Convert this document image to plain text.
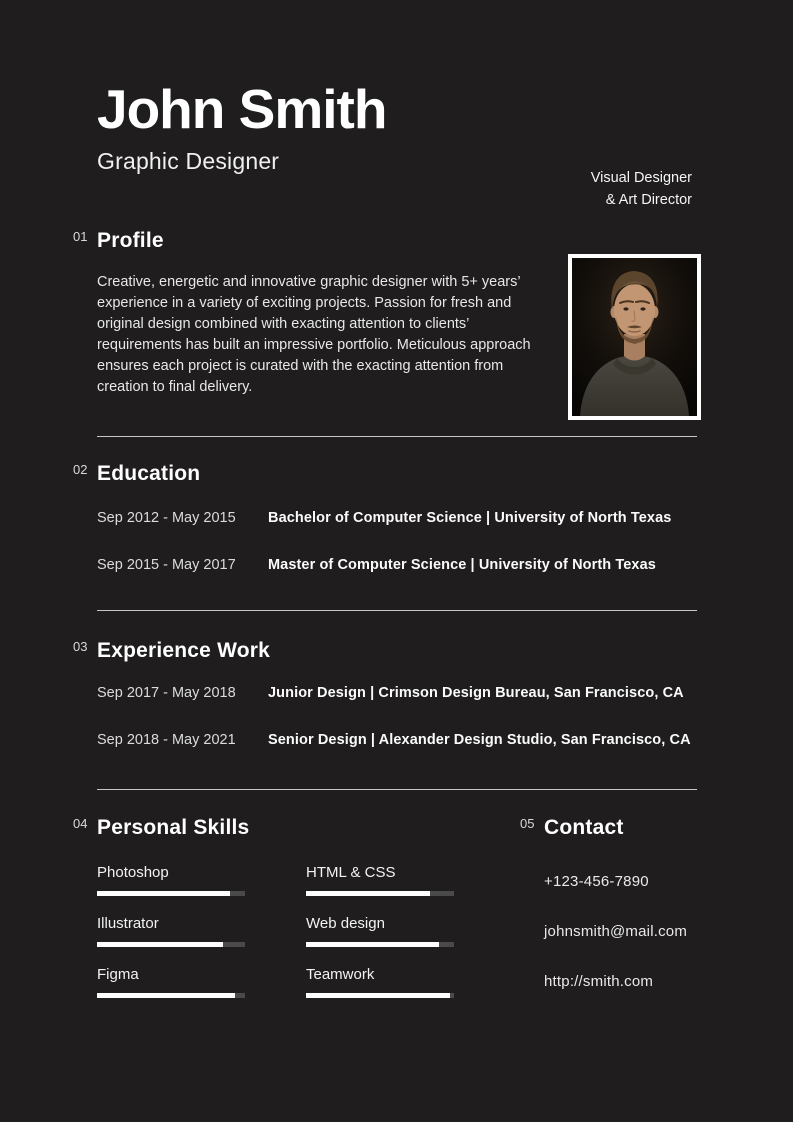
John Smith
Graphic Designer
Visual Designer
& Art Director
01 Profile

Creative, energetic and innovative graphic designer with 5+ years’ experience in a variety of exciting projects. Passion for fresh and original design combined with exacting attention to clients’ requirements has built an impressive portfolio. Meticulous approach ensures each project is curated with the exacting attention from creation to final delivery.

02 Education
Sep 2012 - May 2015	Bachelor of Computer Science | University of North Texas
Sep 2015 - May 2017	Master of Computer Science | University of North Texas
03 Experience Work
Sep 2017 - May 2018	Junior Design | Crimson Design Bureau, San Francisco, CA
Sep 2018 - May 2021	Senior Design | Alexander Design Studio, San Francisco, CA
04 Personal Skills
Photoshop	HTML & CSS
Illustrator	Web design
Figma	Teamwork
05 Contact
+123-456-7890
johnsmith@mail.com
http://smith.com
